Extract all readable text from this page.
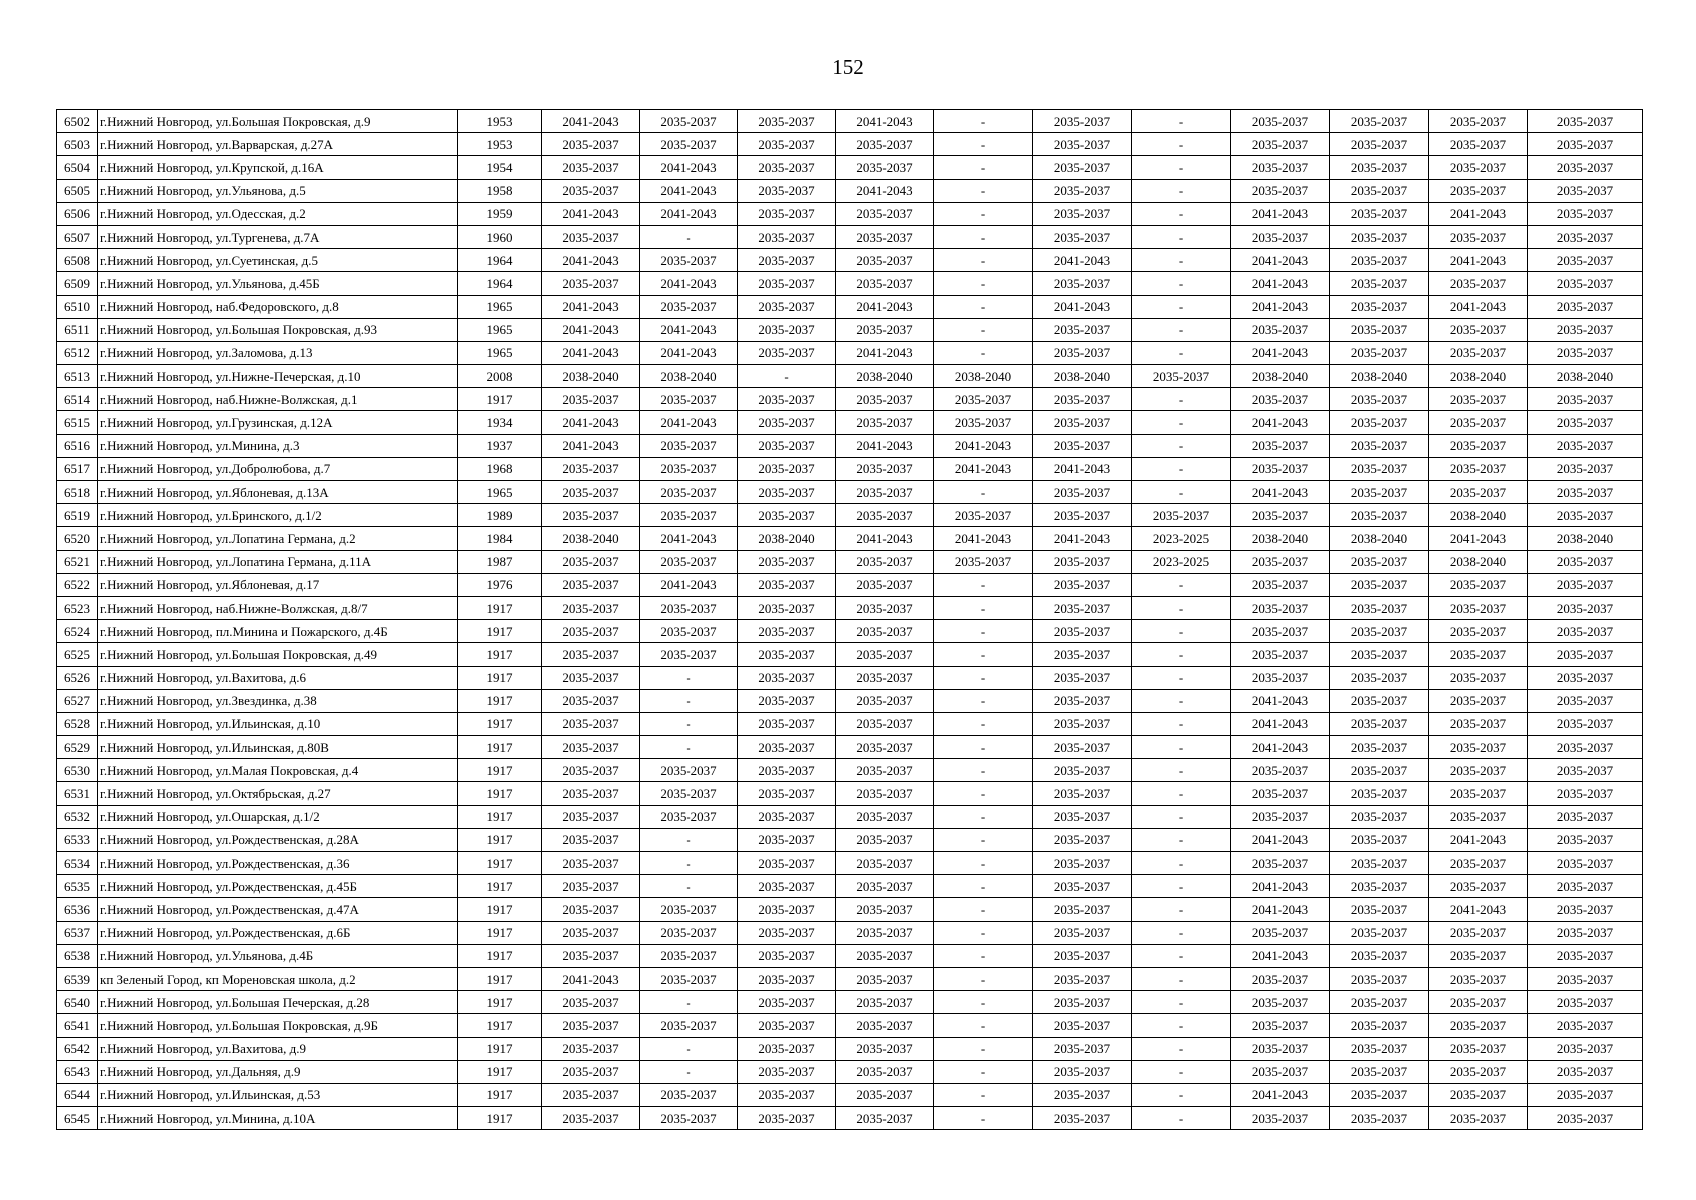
152
6502	г.Нижний Новгород, ул.Большая Покровская, д.9	1953	2041-2043	2035-2037	2035-2037	2041-2043	-	2035-2037	-	2035-2037	2035-2037	2035-2037	2035-2037
6503	г.Нижний Новгород, ул.Варварская, д.27А	1953	2035-2037	2035-2037	2035-2037	2035-2037	-	2035-2037	-	2035-2037	2035-2037	2035-2037	2035-2037
6504	г.Нижний Новгород, ул.Крупской, д.16А	1954	2035-2037	2041-2043	2035-2037	2035-2037	-	2035-2037	-	2035-2037	2035-2037	2035-2037	2035-2037
6505	г.Нижний Новгород, ул.Ульянова, д.5	1958	2035-2037	2041-2043	2035-2037	2041-2043	-	2035-2037	-	2035-2037	2035-2037	2035-2037	2035-2037
6506	г.Нижний Новгород, ул.Одесская, д.2	1959	2041-2043	2041-2043	2035-2037	2035-2037	-	2035-2037	-	2041-2043	2035-2037	2041-2043	2035-2037
6507	г.Нижний Новгород, ул.Тургенева, д.7А	1960	2035-2037	-	2035-2037	2035-2037	-	2035-2037	-	2035-2037	2035-2037	2035-2037	2035-2037
6508	г.Нижний Новгород, ул.Суетинская, д.5	1964	2041-2043	2035-2037	2035-2037	2035-2037	-	2041-2043	-	2041-2043	2035-2037	2041-2043	2035-2037
6509	г.Нижний Новгород, ул.Ульянова, д.45Б	1964	2035-2037	2041-2043	2035-2037	2035-2037	-	2035-2037	-	2041-2043	2035-2037	2035-2037	2035-2037
6510	г.Нижний Новгород, наб.Федоровского, д.8	1965	2041-2043	2035-2037	2035-2037	2041-2043	-	2041-2043	-	2041-2043	2035-2037	2041-2043	2035-2037
6511	г.Нижний Новгород, ул.Большая Покровская, д.93	1965	2041-2043	2041-2043	2035-2037	2035-2037	-	2035-2037	-	2035-2037	2035-2037	2035-2037	2035-2037
6512	г.Нижний Новгород, ул.Заломова, д.13	1965	2041-2043	2041-2043	2035-2037	2041-2043	-	2035-2037	-	2041-2043	2035-2037	2035-2037	2035-2037
6513	г.Нижний Новгород, ул.Нижне-Печерская, д.10	2008	2038-2040	2038-2040	-	2038-2040	2038-2040	2038-2040	2035-2037	2038-2040	2038-2040	2038-2040	2038-2040
6514	г.Нижний Новгород, наб.Нижне-Волжская, д.1	1917	2035-2037	2035-2037	2035-2037	2035-2037	2035-2037	2035-2037	-	2035-2037	2035-2037	2035-2037	2035-2037
6515	г.Нижний Новгород, ул.Грузинская, д.12А	1934	2041-2043	2041-2043	2035-2037	2035-2037	2035-2037	2035-2037	-	2041-2043	2035-2037	2035-2037	2035-2037
6516	г.Нижний Новгород, ул.Минина, д.3	1937	2041-2043	2035-2037	2035-2037	2041-2043	2041-2043	2035-2037	-	2035-2037	2035-2037	2035-2037	2035-2037
6517	г.Нижний Новгород, ул.Добролюбова, д.7	1968	2035-2037	2035-2037	2035-2037	2035-2037	2041-2043	2041-2043	-	2035-2037	2035-2037	2035-2037	2035-2037
6518	г.Нижний Новгород, ул.Яблоневая, д.13А	1965	2035-2037	2035-2037	2035-2037	2035-2037	-	2035-2037	-	2041-2043	2035-2037	2035-2037	2035-2037
6519	г.Нижний Новгород, ул.Бринского, д.1/2	1989	2035-2037	2035-2037	2035-2037	2035-2037	2035-2037	2035-2037	2035-2037	2035-2037	2035-2037	2038-2040	2035-2037
6520	г.Нижний Новгород, ул.Лопатина Германа, д.2	1984	2038-2040	2041-2043	2038-2040	2041-2043	2041-2043	2041-2043	2023-2025	2038-2040	2038-2040	2041-2043	2038-2040
6521	г.Нижний Новгород, ул.Лопатина Германа, д.11А	1987	2035-2037	2035-2037	2035-2037	2035-2037	2035-2037	2035-2037	2023-2025	2035-2037	2035-2037	2038-2040	2035-2037
6522	г.Нижний Новгород, ул.Яблоневая, д.17	1976	2035-2037	2041-2043	2035-2037	2035-2037	-	2035-2037	-	2035-2037	2035-2037	2035-2037	2035-2037
6523	г.Нижний Новгород, наб.Нижне-Волжская, д.8/7	1917	2035-2037	2035-2037	2035-2037	2035-2037	-	2035-2037	-	2035-2037	2035-2037	2035-2037	2035-2037
6524	г.Нижний Новгород, пл.Минина и Пожарского, д.4Б	1917	2035-2037	2035-2037	2035-2037	2035-2037	-	2035-2037	-	2035-2037	2035-2037	2035-2037	2035-2037
6525	г.Нижний Новгород, ул.Большая Покровская, д.49	1917	2035-2037	2035-2037	2035-2037	2035-2037	-	2035-2037	-	2035-2037	2035-2037	2035-2037	2035-2037
6526	г.Нижний Новгород, ул.Вахитова, д.6	1917	2035-2037	-	2035-2037	2035-2037	-	2035-2037	-	2035-2037	2035-2037	2035-2037	2035-2037
6527	г.Нижний Новгород, ул.Звездинка, д.38	1917	2035-2037	-	2035-2037	2035-2037	-	2035-2037	-	2041-2043	2035-2037	2035-2037	2035-2037
6528	г.Нижний Новгород, ул.Ильинская, д.10	1917	2035-2037	-	2035-2037	2035-2037	-	2035-2037	-	2041-2043	2035-2037	2035-2037	2035-2037
6529	г.Нижний Новгород, ул.Ильинская, д.80В	1917	2035-2037	-	2035-2037	2035-2037	-	2035-2037	-	2041-2043	2035-2037	2035-2037	2035-2037
6530	г.Нижний Новгород, ул.Малая Покровская, д.4	1917	2035-2037	2035-2037	2035-2037	2035-2037	-	2035-2037	-	2035-2037	2035-2037	2035-2037	2035-2037
6531	г.Нижний Новгород, ул.Октябрьская, д.27	1917	2035-2037	2035-2037	2035-2037	2035-2037	-	2035-2037	-	2035-2037	2035-2037	2035-2037	2035-2037
6532	г.Нижний Новгород, ул.Ошарская, д.1/2	1917	2035-2037	2035-2037	2035-2037	2035-2037	-	2035-2037	-	2035-2037	2035-2037	2035-2037	2035-2037
6533	г.Нижний Новгород, ул.Рождественская, д.28А	1917	2035-2037	-	2035-2037	2035-2037	-	2035-2037	-	2041-2043	2035-2037	2041-2043	2035-2037
6534	г.Нижний Новгород, ул.Рождественская, д.36	1917	2035-2037	-	2035-2037	2035-2037	-	2035-2037	-	2035-2037	2035-2037	2035-2037	2035-2037
6535	г.Нижний Новгород, ул.Рождественская, д.45Б	1917	2035-2037	-	2035-2037	2035-2037	-	2035-2037	-	2041-2043	2035-2037	2035-2037	2035-2037
6536	г.Нижний Новгород, ул.Рождественская, д.47А	1917	2035-2037	2035-2037	2035-2037	2035-2037	-	2035-2037	-	2041-2043	2035-2037	2041-2043	2035-2037
6537	г.Нижний Новгород, ул.Рождественская, д.6Б	1917	2035-2037	2035-2037	2035-2037	2035-2037	-	2035-2037	-	2035-2037	2035-2037	2035-2037	2035-2037
6538	г.Нижний Новгород, ул.Ульянова, д.4Б	1917	2035-2037	2035-2037	2035-2037	2035-2037	-	2035-2037	-	2041-2043	2035-2037	2035-2037	2035-2037
6539	кп Зеленый Город, кп Мореновская школа, д.2	1917	2041-2043	2035-2037	2035-2037	2035-2037	-	2035-2037	-	2035-2037	2035-2037	2035-2037	2035-2037
6540	г.Нижний Новгород, ул.Большая Печерская, д.28	1917	2035-2037	-	2035-2037	2035-2037	-	2035-2037	-	2035-2037	2035-2037	2035-2037	2035-2037
6541	г.Нижний Новгород, ул.Большая Покровская, д.9Б	1917	2035-2037	2035-2037	2035-2037	2035-2037	-	2035-2037	-	2035-2037	2035-2037	2035-2037	2035-2037
6542	г.Нижний Новгород, ул.Вахитова, д.9	1917	2035-2037	-	2035-2037	2035-2037	-	2035-2037	-	2035-2037	2035-2037	2035-2037	2035-2037
6543	г.Нижний Новгород, ул.Дальняя, д.9	1917	2035-2037	-	2035-2037	2035-2037	-	2035-2037	-	2035-2037	2035-2037	2035-2037	2035-2037
6544	г.Нижний Новгород, ул.Ильинская, д.53	1917	2035-2037	2035-2037	2035-2037	2035-2037	-	2035-2037	-	2041-2043	2035-2037	2035-2037	2035-2037
6545	г.Нижний Новгород, ул.Минина, д.10А	1917	2035-2037	2035-2037	2035-2037	2035-2037	-	2035-2037	-	2035-2037	2035-2037	2035-2037	2035-2037
